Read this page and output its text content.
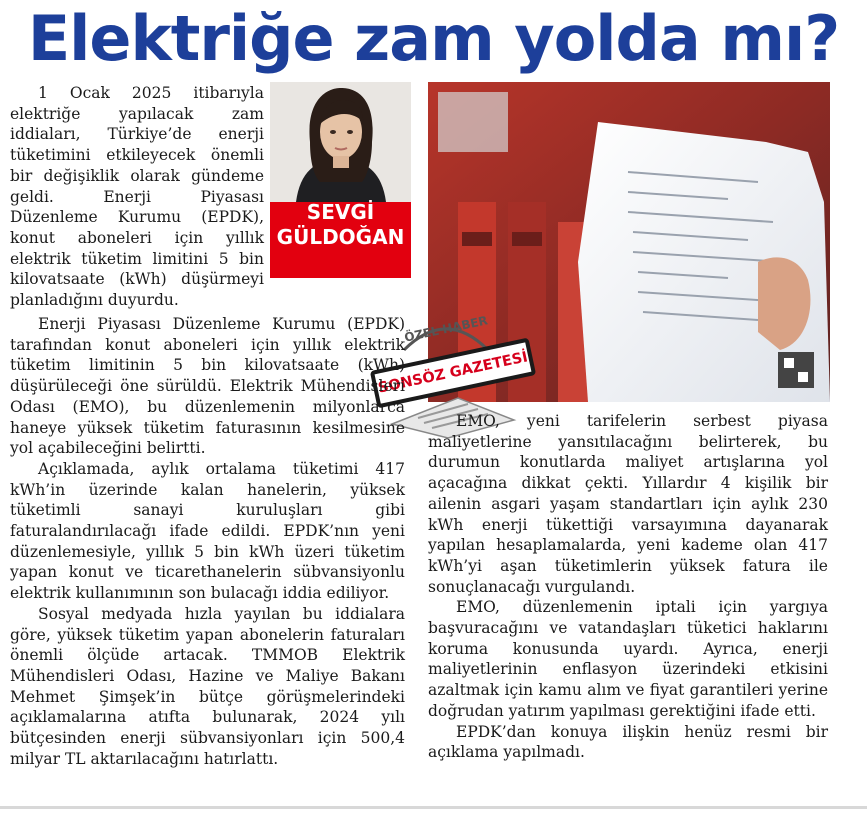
Elektriğe zam yolda mı?

1 Ocak 2025 itibarıyla elektriğe yapılacak zam iddiaları, Türkiye’de enerji tüketimini etkileyecek önemli bir değişiklik olarak gündeme geldi. Enerji Piyasası Düzenleme Kurumu (EPDK), konut aboneleri için yıllık elektrik tüketim limitini 5 bin kilovatsaate (kWh) düşürmeyi planladığını duyurdu.

SEVGİ
GÜLDOĞAN
ÖZEL HABER
SONSÖZ GAZETESİ

Enerji Piyasası Düzenleme Kurumu (EPDK) tarafından konut aboneleri için yıllık elektrik tüketim limitinin 5 bin kilovatsaate (kWh) düşürüleceği öne sürüldü. Elektrik Mühendisleri Odası (EMO), bu düzenlemenin milyonlarca haneye yüksek tüketim faturasının kesilmesine yol açabileceğini belirtti.

Açıklamada, aylık ortalama tüketimi 417 kWh’in üzerinde kalan hanelerin, yüksek tüketimli sanayi kuruluşları gibi faturalandırılacağı ifade edildi. EPDK’nın yeni düzenlemesiyle, yıllık 5 bin kWh üzeri tüketim yapan konut ve ticarethanelerin sübvansiyonlu elektrik kullanımının son bulacağı iddia ediliyor.

Sosyal medyada hızla yayılan bu iddialara göre, yüksek tüketim yapan abonelerin faturaları önemli ölçüde artacak. TMMOB Elektrik Mühendisleri Odası, Hazine ve Maliye Bakanı Mehmet Şimşek’in bütçe görüşmelerindeki açıklamalarına atıfta bulunarak, 2024 yılı bütçesinden enerji sübvansiyonları için 500,4 milyar TL aktarılacağını hatırlattı.

EMO, yeni tarifelerin serbest piyasa maliyetlerine yansıtılacağını belirterek, bu durumun konutlarda maliyet artışlarına yol açacağına dikkat çekti. Yıllardır 4 kişilik bir ailenin asgari yaşam standartları için aylık 230 kWh enerji tükettiği varsayımına dayanarak yapılan hesaplamalarda, yeni kademe olan 417 kWh’yi aşan tüketimlerin yüksek fatura ile sonuçlanacağı vurgulandı.

EMO, düzenlemenin iptali için yargıya başvuracağını ve vatandaşları tüketici haklarını koruma konusunda uyardı. Ayrıca, enerji maliyetlerinin enflasyon üzerindeki etkisini azaltmak için kamu alım ve fiyat garantileri yerine doğrudan yatırım yapılması gerektiğini ifade etti.

EPDK’dan konuya ilişkin henüz resmi bir açıklama yapılmadı.
